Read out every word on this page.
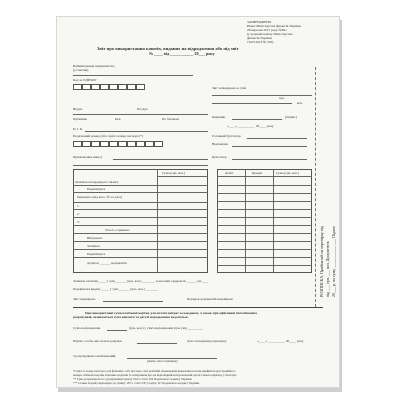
ЗАТВЕРДЖЕНО
Наказ Міністерства фінансів України
28 вересня 2015 року №841
(у редакції наказу Міністерства
фінансів України
16.03.2016 № 350)
Звіт про використання коштів, виданих на відрядження або під звіт
№ ____ від ___________ 20___ року
Найменування підприємства
(установи)
Код за ЄДРПОУ
Відділ	Посада
Прізвище	Ім'я	По батькові
П. І. Б.
Податковий номер (або серія і номер паспорта*)
Призначення авансу
Звіт затверджено в сумі
грн.
коп.
Керівник	(підпис)
«____» __________ 20____ року
Головний бухгалтер
Відповідно
Бухгалтер
РОЗПИСКА. Прийнятий на перевірку від від ___ грн. ___ коп. Документів 20___ р. на суму ___________ ___ Підпис
Сума (грн, коп.)
Залишок попереднього авансу
Перевитрата
Одержано (від кого, № та дата)
1.
2.
3.
Усього отримано
Витрачено
Залишок
Перевитрата
Додаток ______ документів
Дебет	Кредит	Сума (грн, коп.)
Залишок зоплатив_____ у сумі_______ (грн., коп.) ________ за касовим ордером № ______ від ____
Перевитрата видана _____ у сумі_______ (грн., коп.) ________
Звіт перевірено	Порядок документів перевірено
При використанні суми платіжної картки для оплати витрат за кордоном, а також при здійсненні безготівкових
розрахунків, зазначається сума виплати та дата її надходження на рахунок.
Сума надходження	(грн, коп.) у сумі надходження (грн.) від _________
Підпис особи, яка склала рахунок	Дата складання розрахунку	«____» __________ 20____ року
З розрахунком ознайомлений:
(підпис, ім'я та прізвище)
*Серія та номер паспорта для фізичних осіб, які через свої релігійні переконання відмовляються від прийняття реєстраційного
номера облікової картки платника податків та повідомили про це відповідний контролюючий орган і мають відмітку у паспорті.
** Сума розраховується з урахуванням пункту 164.5 статті 164 Податкового кодексу України.
*** Ставка податку відповідно до пункту 167.1 статті 167 розділу IV Податкового кодексу України.
